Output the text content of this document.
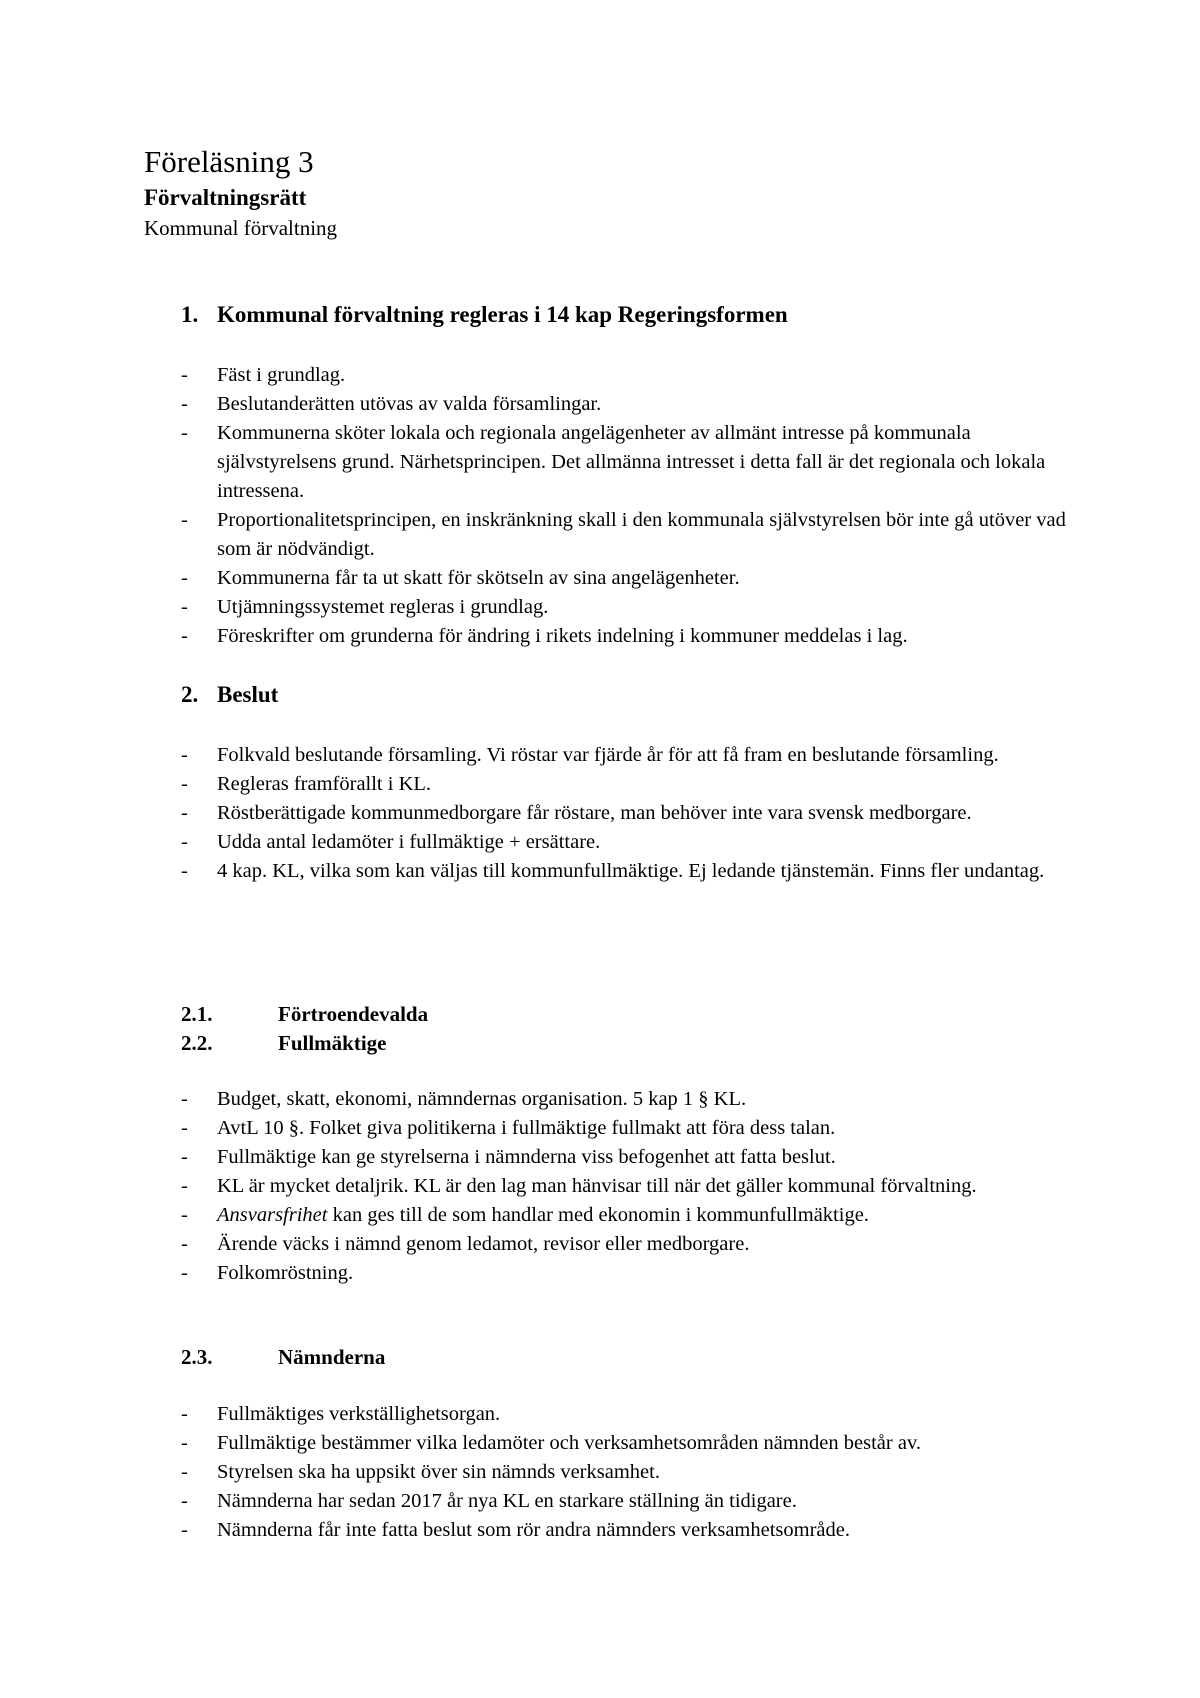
Föreläsning 3
Förvaltningsrätt
Kommunal förvaltning
1. Kommunal förvaltning regleras i 14 kap Regeringsformen
- Fäst i grundlag.
- Beslutanderätten utövas av valda församlingar.
- Kommunerna sköter lokala och regionala angelägenheter av allmänt intresse på kommunala självstyrelsens grund. Närhetsprincipen. Det allmänna intresset i detta fall är det regionala och lokala intressena.
- Proportionalitetsprincipen, en inskränkning skall i den kommunala självstyrelsen bör inte gå utöver vad som är nödvändigt.
- Kommunerna får ta ut skatt för skötseln av sina angelägenheter.
- Utjämningssystemet regleras i grundlag.
- Föreskrifter om grunderna för ändring i rikets indelning i kommuner meddelas i lag.
2. Beslut
- Folkvald beslutande församling. Vi röstar var fjärde år för att få fram en beslutande församling.
- Regleras framförallt i KL.
- Röstberättigade kommunmedborgare får röstare, man behöver inte vara svensk medborgare.
- Udda antal ledamöter i fullmäktige + ersättare.
- 4 kap. KL, vilka som kan väljas till kommunfullmäktige. Ej ledande tjänstemän. Finns fler undantag.
2.1.	Förtroendevalda
2.2.	Fullmäktige
- Budget, skatt, ekonomi, nämndernas organisation. 5 kap 1 § KL.
- AvtL 10 §. Folket giva politikerna i fullmäktige fullmakt att föra dess talan.
- Fullmäktige kan ge styrelserna i nämnderna viss befogenhet att fatta beslut.
- KL är mycket detaljrik. KL är den lag man hänvisar till när det gäller kommunal förvaltning.
- Ansvarsfrihet kan ges till de som handlar med ekonomin i kommunfullmäktige.
- Ärende väcks i nämnd genom ledamot, revisor eller medborgare.
- Folkomröstning.
2.3.	Nämnderna
- Fullmäktiges verkställighetsorgan.
- Fullmäktige bestämmer vilka ledamöter och verksamhetsområden nämnden består av.
- Styrelsen ska ha uppsikt över sin nämnds verksamhet.
- Nämnderna har sedan 2017 år nya KL en starkare ställning än tidigare.
- Nämnderna får inte fatta beslut som rör andra nämnders verksamhetsområde.
